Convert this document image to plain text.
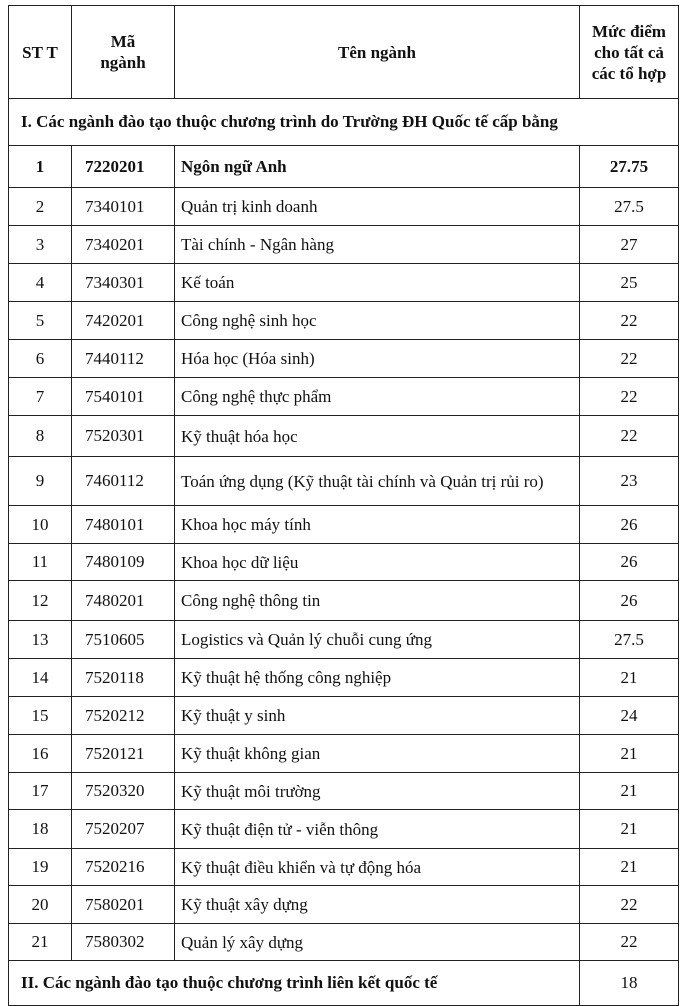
ST T	Mã ngành	Tên ngành	Mức điểm cho tất cả các tổ hợp
I. Các ngành đào tạo thuộc chương trình do Trường ĐH Quốc tế cấp bằng			
1	7220201	Ngôn ngữ Anh	27.75
2	7340101	Quản trị kinh doanh	27.5
3	7340201	Tài chính - Ngân hàng	27
4	7340301	Kế toán	25
5	7420201	Công nghệ sinh học	22
6	7440112	Hóa học (Hóa sinh)	22
7	7540101	Công nghệ thực phẩm	22
8	7520301	Kỹ thuật hóa học	22
9	7460112	Toán ứng dụng (Kỹ thuật tài chính và Quản trị rủi ro)	23
10	7480101	Khoa học máy tính	26
11	7480109	Khoa học dữ liệu	26
12	7480201	Công nghệ thông tin	26
13	7510605	Logistics và Quản lý chuỗi cung ứng	27.5
14	7520118	Kỹ thuật hệ thống công nghiệp	21
15	7520212	Kỹ thuật y sinh	24
16	7520121	Kỹ thuật không gian	21
17	7520320	Kỹ thuật môi trường	21
18	7520207	Kỹ thuật điện tử - viễn thông	21
19	7520216	Kỹ thuật điều khiển và tự động hóa	21
20	7580201	Kỹ thuật xây dựng	22
21	7580302	Quản lý xây dựng	22
II. Các ngành đào tạo thuộc chương trình liên kết quốc tế			18
